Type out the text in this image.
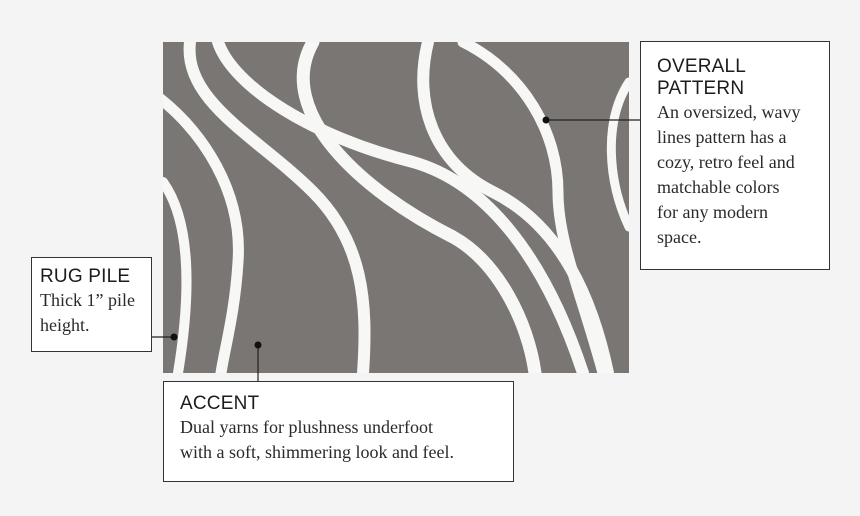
OVERALL
PATTERN
An oversized, wavy
lines pattern has a
cozy, retro feel and
matchable colors
for any modern
space.
RUG PILE
Thick 1” pile
height.
ACCENT
Dual yarns for plushness underfoot
with a soft, shimmering look and feel.
